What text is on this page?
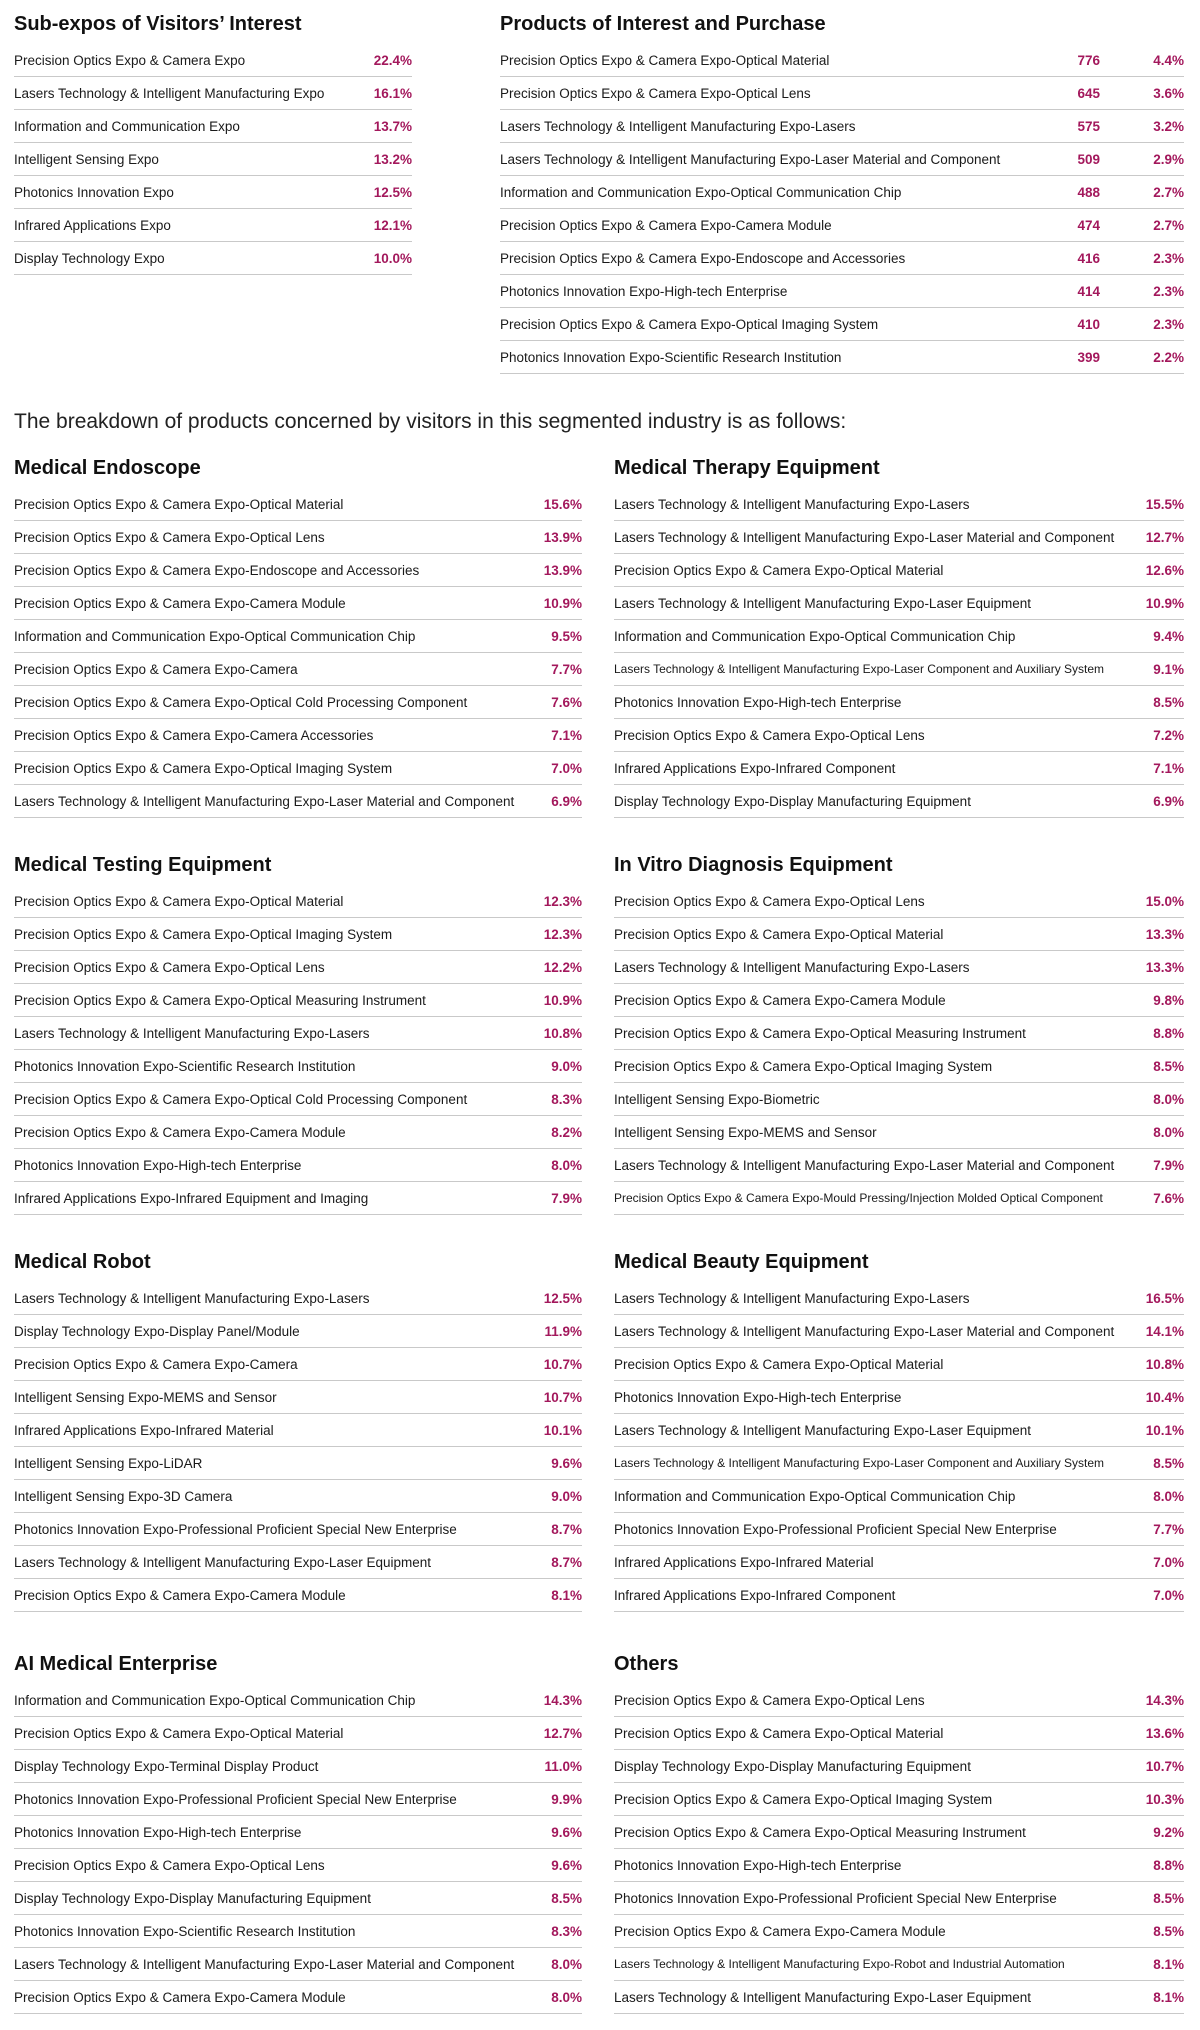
Sub-expos of Visitors’ Interest
Precision Optics Expo & Camera Expo	22.4%
Lasers Technology & Intelligent Manufacturing Expo	16.1%
Information and Communication Expo	13.7%
Intelligent Sensing Expo	13.2%
Photonics Innovation Expo	12.5%
Infrared Applications Expo	12.1%
Display Technology Expo	10.0%
Products of Interest and Purchase
Precision Optics Expo & Camera Expo-Optical Material	776	4.4%
Precision Optics Expo & Camera Expo-Optical Lens	645	3.6%
Lasers Technology & Intelligent Manufacturing Expo-Lasers	575	3.2%
Lasers Technology & Intelligent Manufacturing Expo-Laser Material and Component	509	2.9%
Information and Communication Expo-Optical Communication Chip	488	2.7%
Precision Optics Expo & Camera Expo-Camera Module	474	2.7%
Precision Optics Expo & Camera Expo-Endoscope and Accessories	416	2.3%
Photonics Innovation Expo-High-tech Enterprise	414	2.3%
Precision Optics Expo & Camera Expo-Optical Imaging System	410	2.3%
Photonics Innovation Expo-Scientific Research Institution	399	2.2%
The breakdown of products concerned by visitors in this segmented industry is as follows:
Medical Endoscope
Precision Optics Expo & Camera Expo-Optical Material	15.6%
Precision Optics Expo & Camera Expo-Optical Lens	13.9%
Precision Optics Expo & Camera Expo-Endoscope and Accessories	13.9%
Precision Optics Expo & Camera Expo-Camera Module	10.9%
Information and Communication Expo-Optical Communication Chip	9.5%
Precision Optics Expo & Camera Expo-Camera	7.7%
Precision Optics Expo & Camera Expo-Optical Cold Processing Component	7.6%
Precision Optics Expo & Camera Expo-Camera Accessories	7.1%
Precision Optics Expo & Camera Expo-Optical Imaging System	7.0%
Lasers Technology & Intelligent Manufacturing Expo-Laser Material and Component	6.9%
Medical Therapy Equipment
Lasers Technology & Intelligent Manufacturing Expo-Lasers	15.5%
Lasers Technology & Intelligent Manufacturing Expo-Laser Material and Component	12.7%
Precision Optics Expo & Camera Expo-Optical Material	12.6%
Lasers Technology & Intelligent Manufacturing Expo-Laser Equipment	10.9%
Information and Communication Expo-Optical Communication Chip	9.4%
Lasers Technology & Intelligent Manufacturing Expo-Laser Component and Auxiliary System	9.1%
Photonics Innovation Expo-High-tech Enterprise	8.5%
Precision Optics Expo & Camera Expo-Optical Lens	7.2%
Infrared Applications Expo-Infrared Component	7.1%
Display Technology Expo-Display Manufacturing Equipment	6.9%
Medical Testing Equipment
Precision Optics Expo & Camera Expo-Optical Material	12.3%
Precision Optics Expo & Camera Expo-Optical Imaging System	12.3%
Precision Optics Expo & Camera Expo-Optical Lens	12.2%
Precision Optics Expo & Camera Expo-Optical Measuring Instrument	10.9%
Lasers Technology & Intelligent Manufacturing Expo-Lasers	10.8%
Photonics Innovation Expo-Scientific Research Institution	9.0%
Precision Optics Expo & Camera Expo-Optical Cold Processing Component	8.3%
Precision Optics Expo & Camera Expo-Camera Module	8.2%
Photonics Innovation Expo-High-tech Enterprise	8.0%
Infrared Applications Expo-Infrared Equipment and Imaging	7.9%
In Vitro Diagnosis Equipment
Precision Optics Expo & Camera Expo-Optical Lens	15.0%
Precision Optics Expo & Camera Expo-Optical Material	13.3%
Lasers Technology & Intelligent Manufacturing Expo-Lasers	13.3%
Precision Optics Expo & Camera Expo-Camera Module	9.8%
Precision Optics Expo & Camera Expo-Optical Measuring Instrument	8.8%
Precision Optics Expo & Camera Expo-Optical Imaging System	8.5%
Intelligent Sensing Expo-Biometric	8.0%
Intelligent Sensing Expo-MEMS and Sensor	8.0%
Lasers Technology & Intelligent Manufacturing Expo-Laser Material and Component	7.9%
Precision Optics Expo & Camera Expo-Mould Pressing/Injection Molded Optical Component	7.6%
Medical Robot
Lasers Technology & Intelligent Manufacturing Expo-Lasers	12.5%
Display Technology Expo-Display Panel/Module	11.9%
Precision Optics Expo & Camera Expo-Camera	10.7%
Intelligent Sensing Expo-MEMS and Sensor	10.7%
Infrared Applications Expo-Infrared Material	10.1%
Intelligent Sensing Expo-LiDAR	9.6%
Intelligent Sensing Expo-3D Camera	9.0%
Photonics Innovation Expo-Professional Proficient Special New Enterprise	8.7%
Lasers Technology & Intelligent Manufacturing Expo-Laser Equipment	8.7%
Precision Optics Expo & Camera Expo-Camera Module	8.1%
Medical Beauty Equipment
Lasers Technology & Intelligent Manufacturing Expo-Lasers	16.5%
Lasers Technology & Intelligent Manufacturing Expo-Laser Material and Component	14.1%
Precision Optics Expo & Camera Expo-Optical Material	10.8%
Photonics Innovation Expo-High-tech Enterprise	10.4%
Lasers Technology & Intelligent Manufacturing Expo-Laser Equipment	10.1%
Lasers Technology & Intelligent Manufacturing Expo-Laser Component and Auxiliary System	8.5%
Information and Communication Expo-Optical Communication Chip	8.0%
Photonics Innovation Expo-Professional Proficient Special New Enterprise	7.7%
Infrared Applications Expo-Infrared Material	7.0%
Infrared Applications Expo-Infrared Component	7.0%
AI Medical Enterprise
Information and Communication Expo-Optical Communication Chip	14.3%
Precision Optics Expo & Camera Expo-Optical Material	12.7%
Display Technology Expo-Terminal Display Product	11.0%
Photonics Innovation Expo-Professional Proficient Special New Enterprise	9.9%
Photonics Innovation Expo-High-tech Enterprise	9.6%
Precision Optics Expo & Camera Expo-Optical Lens	9.6%
Display Technology Expo-Display Manufacturing Equipment	8.5%
Photonics Innovation Expo-Scientific Research Institution	8.3%
Lasers Technology & Intelligent Manufacturing Expo-Laser Material and Component	8.0%
Precision Optics Expo & Camera Expo-Camera Module	8.0%
Others
Precision Optics Expo & Camera Expo-Optical Lens	14.3%
Precision Optics Expo & Camera Expo-Optical Material	13.6%
Display Technology Expo-Display Manufacturing Equipment	10.7%
Precision Optics Expo & Camera Expo-Optical Imaging System	10.3%
Precision Optics Expo & Camera Expo-Optical Measuring Instrument	9.2%
Photonics Innovation Expo-High-tech Enterprise	8.8%
Photonics Innovation Expo-Professional Proficient Special New Enterprise	8.5%
Precision Optics Expo & Camera Expo-Camera Module	8.5%
Lasers Technology & Intelligent Manufacturing Expo-Robot and Industrial Automation	8.1%
Lasers Technology & Intelligent Manufacturing Expo-Laser Equipment	8.1%
